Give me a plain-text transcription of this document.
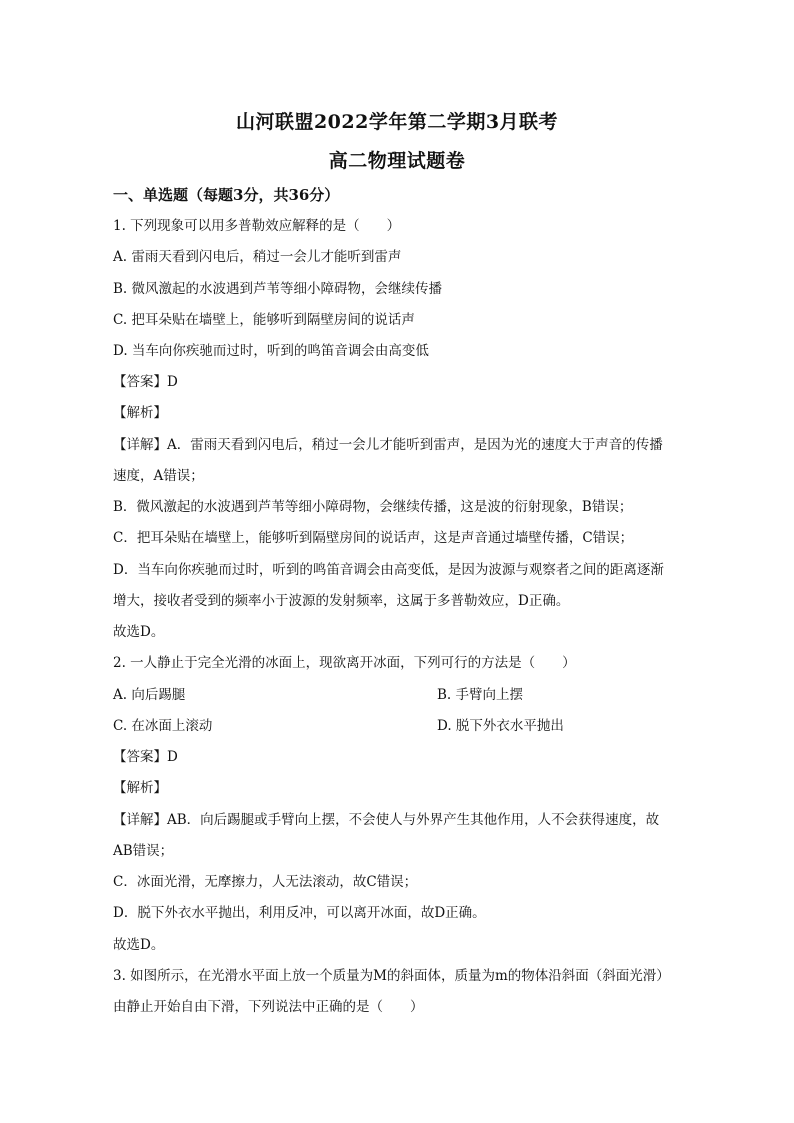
山河联盟2022学年第二学期3月联考
高二物理试题卷
一、单选题（每题3分，共36分）
1. 下列现象可以用多普勒效应解释的是（　　）
A. 雷雨天看到闪电后，稍过一会儿才能听到雷声
B. 微风激起的水波遇到芦苇等细小障碍物，会继续传播
C. 把耳朵贴在墙壁上，能够听到隔壁房间的说话声
D. 当车向你疾驰而过时，听到的鸣笛音调会由高变低
【答案】D
【解析】
【详解】A．雷雨天看到闪电后，稍过一会儿才能听到雷声，是因为光的速度大于声音的传播
速度，A错误；
B．微风激起的水波遇到芦苇等细小障碍物，会继续传播，这是波的衍射现象，B错误；
C．把耳朵贴在墙壁上，能够听到隔壁房间的说话声，这是声音通过墙壁传播，C错误；
D．当车向你疾驰而过时，听到的鸣笛音调会由高变低，是因为波源与观察者之间的距离逐渐
增大，接收者受到的频率小于波源的发射频率，这属于多普勒效应，D正确。
故选D。
2. 一人静止于完全光滑的冰面上，现欲离开冰面，下列可行的方法是（　　）
A. 向后踢腿	B. 手臂向上摆
C. 在冰面上滚动	D. 脱下外衣水平抛出
【答案】D
【解析】
【详解】AB．向后踢腿或手臂向上摆，不会使人与外界产生其他作用，人不会获得速度，故
AB错误；
C．冰面光滑，无摩擦力，人无法滚动，故C错误；
D．脱下外衣水平抛出，利用反冲，可以离开冰面，故D正确。
故选D。
3. 如图所示，在光滑水平面上放一个质量为M的斜面体，质量为m的物体沿斜面（斜面光滑）
由静止开始自由下滑，下列说法中正确的是（　　）
